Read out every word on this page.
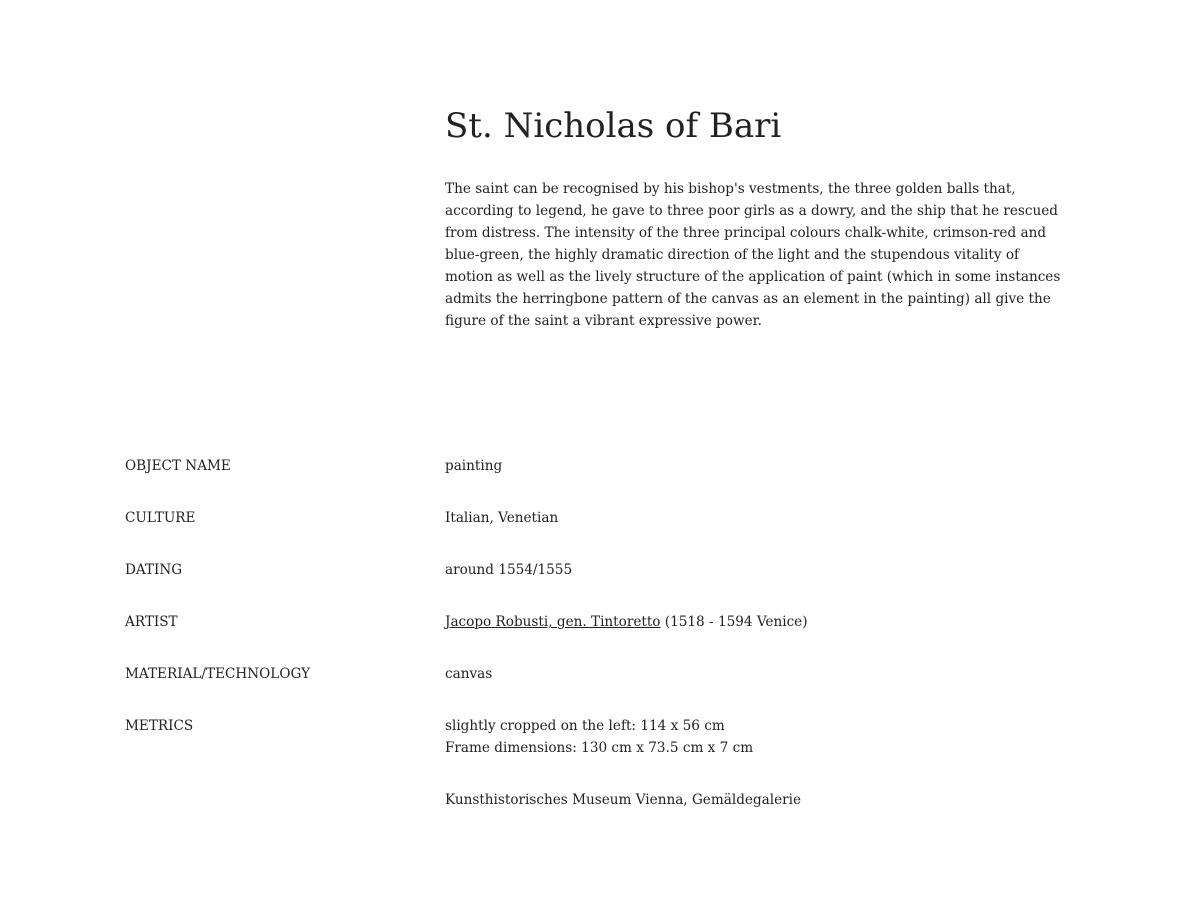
St. Nicholas of Bari

The saint can be recognised by his bishop's vestments, the three golden balls that, according to legend, he gave to three poor girls as a dowry, and the ship that he rescued from distress. The intensity of the three principal colours chalk-white, crimson-red and blue-green, the highly dramatic direction of the light and the stupendous vitality of motion as well as the lively structure of the application of paint (which in some instances admits the herringbone pattern of the canvas as an element in the painting) all give the figure of the saint a vibrant expressive power.

OBJECT NAME	painting
CULTURE	Italian, Venetian
DATING	around 1554/1555
ARTIST	Jacopo Robusti, gen. Tintoretto (1518 - 1594 Venice)
MATERIAL/TECHNOLOGY	canvas
METRICS	slightly cropped on the left: 114 x 56 cm
Frame dimensions: 130 cm x 73.5 cm x 7 cm
Kunsthistorisches Museum Vienna, Gemäldegalerie
